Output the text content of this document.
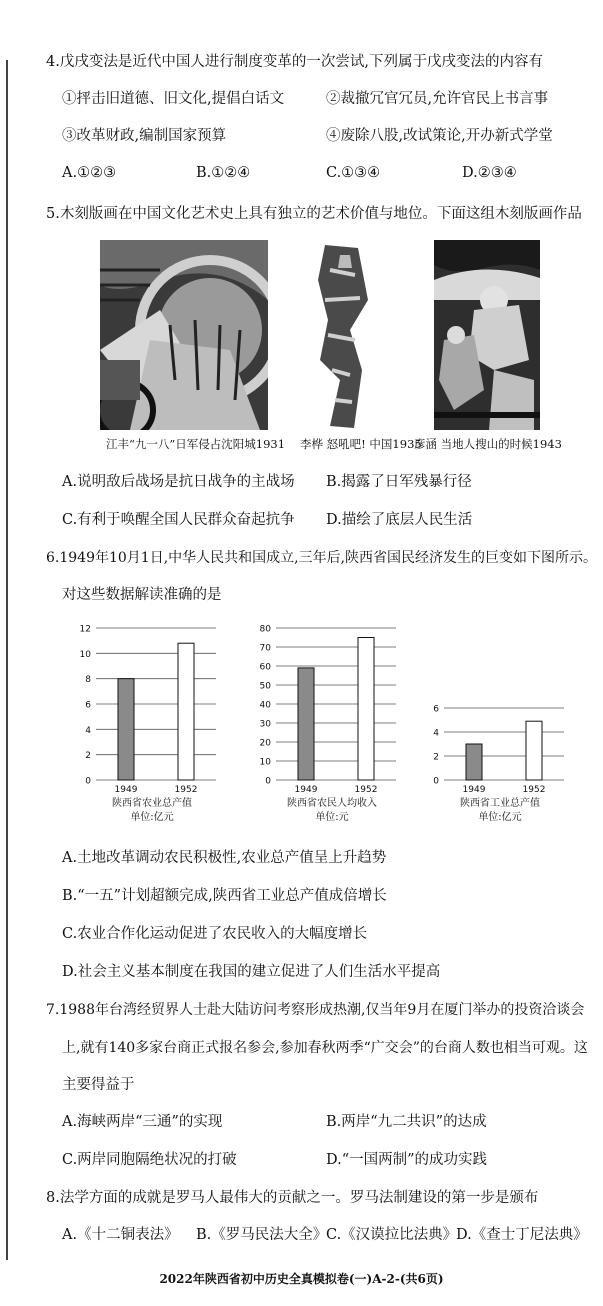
4.戊戌变法是近代中国人进行制度变革的一次尝试,下列属于戊戌变法的内容有
①抨击旧道德、旧文化,提倡白话文	②裁撤冗官冗员,允许官民上书言事
③改革财政,编制国家预算	④废除八股,改试策论,开办新式学堂
A.①②③	B.①②④	C.①③④	D.②③④
5.木刻版画在中国文化艺术史上具有独立的艺术价值与地位。下面这组木刻版画作品
江丰“九一八”日军侵占沈阳城1931 李桦 怒吼吧! 中国1935
彦涵 当地人搜山的时候1943
A.说明敌后战场是抗日战争的主战场 B.揭露了日军残暴行径
C.有利于唤醒全国人民群众奋起抗争 D.描绘了底层人民生活
6.1949年10月1日,中华人民共和国成立,三年后,陕西省国民经济发生的巨变如下图所示。
对这些数据解读准确的是
0
2
4
6
8
10
12
1949	1952
陕西省农业总产值
单位:亿元
0
10
20
30
40
50
60
70
80
1949	1952
陕西省农民人均收入
单位:元
0
2
4
6
1949	1952
陕西省工业总产值
单位:亿元
A.土地改革调动农民积极性,农业总产值呈上升趋势
B.“一五”计划超额完成,陕西省工业总产值成倍增长
C.农业合作化运动促进了农民收入的大幅度增长
D.社会主义基本制度在我国的建立促进了人们生活水平提高
7.1988年台湾经贸界人士赴大陆访问考察形成热潮,仅当年9月在厦门举办的投资洽谈会
上,就有140多家台商正式报名参会,参加春秋两季“广交会”的台商人数也相当可观。这
主要得益于
A.海峡两岸“三通”的实现	B.两岸“九二共识”的达成
C.两岸同胞隔绝状况的打破	D.“一国两制”的成功实践
8.法学方面的成就是罗马人最伟大的贡献之一。罗马法制建设的第一步是颁布
A.《十二铜表法》 B.《罗马民法大全》
C.《汉谟拉比法典》
D.《查士丁尼法典》
2022年陕西省初中历史全真模拟卷(一)A-2-(共6页)
